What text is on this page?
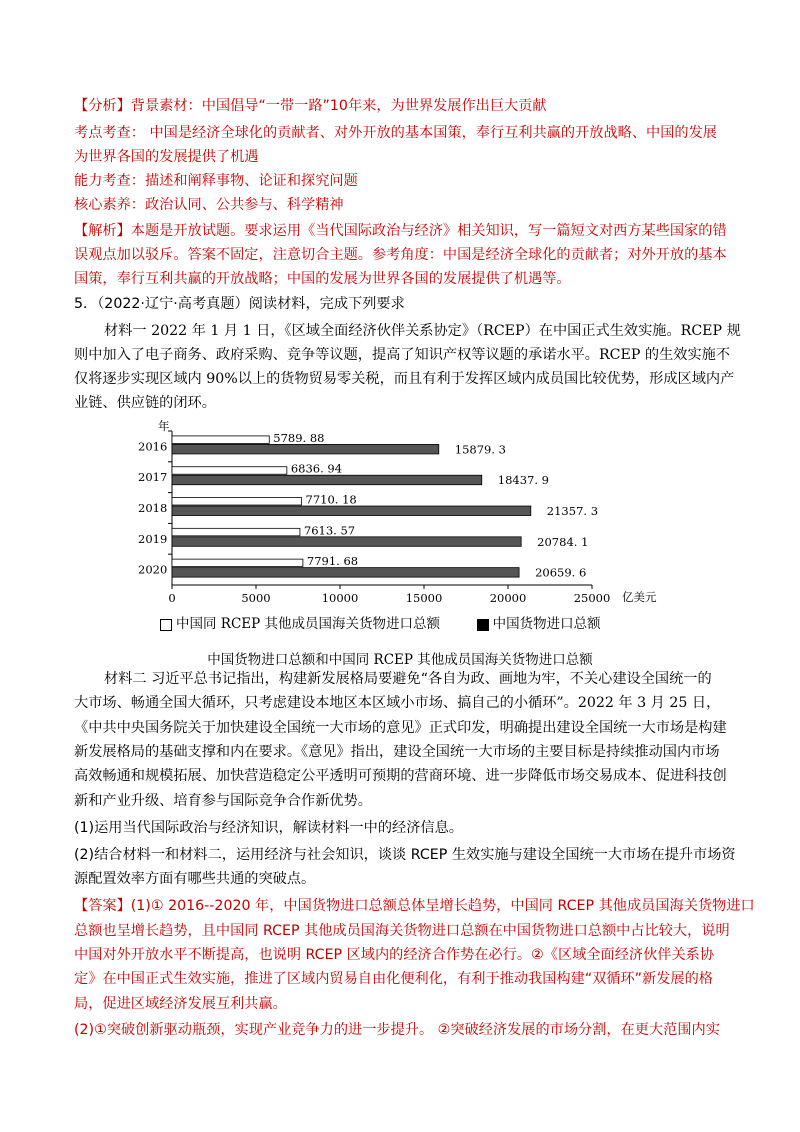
【分析】背景素材：中国倡导“一带一路”10年来，为世界发展作出巨大贡献
考点考查： 中国是经济全球化的贡献者、对外开放的基本国策，奉行互利共赢的开放战略、中国的发展
为世界各国的发展提供了机遇
能力考查：描述和阐释事物、论证和探究问题
核心素养：政治认同、公共参与、科学精神
【解析】本题是开放试题。要求运用《当代国际政治与经济》相关知识，写一篇短文对西方某些国家的错
误观点加以驳斥。答案不固定，注意切合主题。参考角度：中国是经济全球化的贡献者；对外开放的基本
国策，奉行互利共赢的开放战略；中国的发展为世界各国的发展提供了机遇等。
5．（2022·辽宁·高考真题）阅读材料，完成下列要求
材料一 2022 年 1 月 1 日，《区域全面经济伙伴关系协定》（RCEP）在中国正式生效实施。RCEP 规
则中加入了电子商务、政府采购、竞争等议题，提高了知识产权等议题的承诺水平。RCEP 的生效实施不
仅将逐步实现区域内 90%以上的货物贸易零关税，而且有利于发挥区域内成员国比较优势，形成区域内产
业链、供应链的闭环。
年
5789. 88
15879. 3
6836. 94
18437. 9
7710. 18
21357. 3
7613. 57
20784. 1
7791. 68
20659. 6
2016
2017
2018
2019
2020
0	5000	10000	15000	20000	25000 亿美元
中国同 RCEP 其他成员国海关货物进口总额	中国货物进口总额
中国货物进口总额和中国同 RCEP 其他成员国海关货物进口总额
材料二 习近平总书记指出，构建新发展格局要避免“各自为政、画地为牢，不关心建设全国统一的
大市场、畅通全国大循环，只考虑建设本地区本区域小市场、搞自己的小循环”。2022 年 3 月 25 日，
《中共中央国务院关于加快建设全国统一大市场的意见》正式印发，明确提出建设全国统一大市场是构建
新发展格局的基础支撑和内在要求。《意见》指出，建设全国统一大市场的主要目标是持续推动国内市场
高效畅通和规模拓展、加快营造稳定公平透明可预期的营商环境、进一步降低市场交易成本、促进科技创
新和产业升级、培育参与国际竞争合作新优势。
(1)运用当代国际政治与经济知识，解读材料一中的经济信息。
(2)结合材料一和材料二，运用经济与社会知识，谈谈 RCEP 生效实施与建设全国统一大市场在提升市场资
源配置效率方面有哪些共通的突破点。
【答案】(1)① 2016--2020 年，中国货物进口总额总体呈增长趋势，中国同 RCEP 其他成员国海关货物进口
总额也呈增长趋势，且中国同 RCEP 其他成员国海关货物进口总额在中国货物进口总额中占比较大，说明
中国对外开放水平不断提高，也说明 RCEP 区域内的经济合作势在必行。②《区域全面经济伙伴关系协
定》在中国正式生效实施，推进了区域内贸易自由化便利化，有利于推动我国构建“双循环”新发展的格
局，促进区域经济发展互利共赢。
(2)①突破创新驱动瓶颈，实现产业竞争力的进一步提升。 ②突破经济发展的市场分割，在更大范围内实
